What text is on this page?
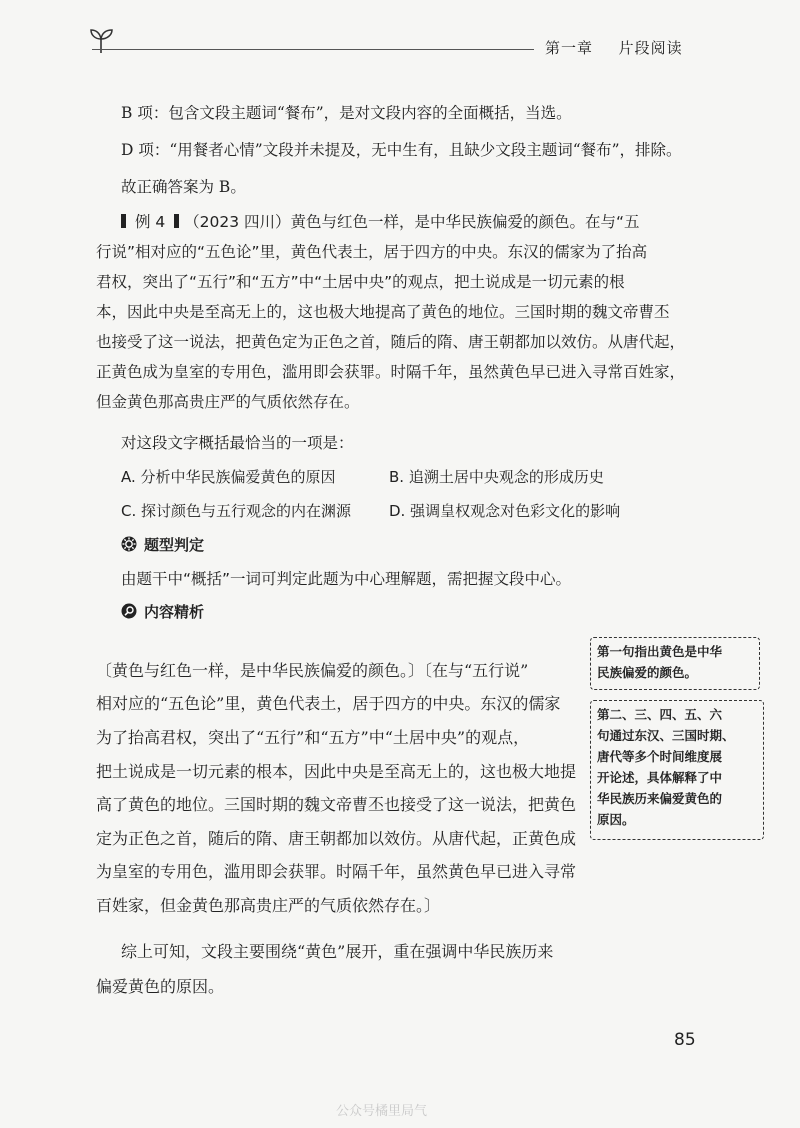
第一章 片段阅读
B 项：包含文段主题词“餐布”，是对文段内容的全面概括，当选。
D 项：“用餐者心情”文段并未提及，无中生有，且缺少文段主题词“餐布”，排除。
故正确答案为 B。
例 4 （2023 四川）黄色与红色一样，是中华民族偏爱的颜色。在与“五
行说”相对应的“五色论”里，黄色代表土，居于四方的中央。东汉的儒家为了抬高
君权，突出了“五行”和“五方”中“土居中央”的观点，把土说成是一切元素的根
本，因此中央是至高无上的，这也极大地提高了黄色的地位。三国时期的魏文帝曹丕
也接受了这一说法，把黄色定为正色之首，随后的隋、唐王朝都加以效仿。从唐代起，
正黄色成为皇室的专用色，滥用即会获罪。时隔千年，虽然黄色早已进入寻常百姓家，
但金黄色那高贵庄严的气质依然存在。
对这段文字概括最恰当的一项是：
A. 分析中华民族偏爱黄色的原因	B. 追溯土居中央观念的形成历史
C. 探讨颜色与五行观念的内在渊源	D. 强调皇权观念对色彩文化的影响
题型判定
由题干中“概括”一词可判定此题为中心理解题，需把握文段中心。
内容精析
〔黄色与红色一样，是中华民族偏爱的颜色。〕〔在与“五行说”
相对应的“五色论”里，黄色代表土，居于四方的中央。东汉的儒家
为了抬高君权，突出了“五行”和“五方”中“土居中央”的观点，
把土说成是一切元素的根本，因此中央是至高无上的，这也极大地提
高了黄色的地位。三国时期的魏文帝曹丕也接受了这一说法，把黄色
定为正色之首，随后的隋、唐王朝都加以效仿。从唐代起，正黄色成
为皇室的专用色，滥用即会获罪。时隔千年，虽然黄色早已进入寻常
百姓家，但金黄色那高贵庄严的气质依然存在。〕
第一句指出黄色是中华
民族偏爱的颜色。
第二、三、四、五、六
句通过东汉、三国时期、
唐代等多个时间维度展
开论述，具体解释了中
华民族历来偏爱黄色的
原因。
综上可知，文段主要围绕“黄色”展开，重在强调中华民族历来
偏爱黄色的原因。
85
公众号橘里局气
